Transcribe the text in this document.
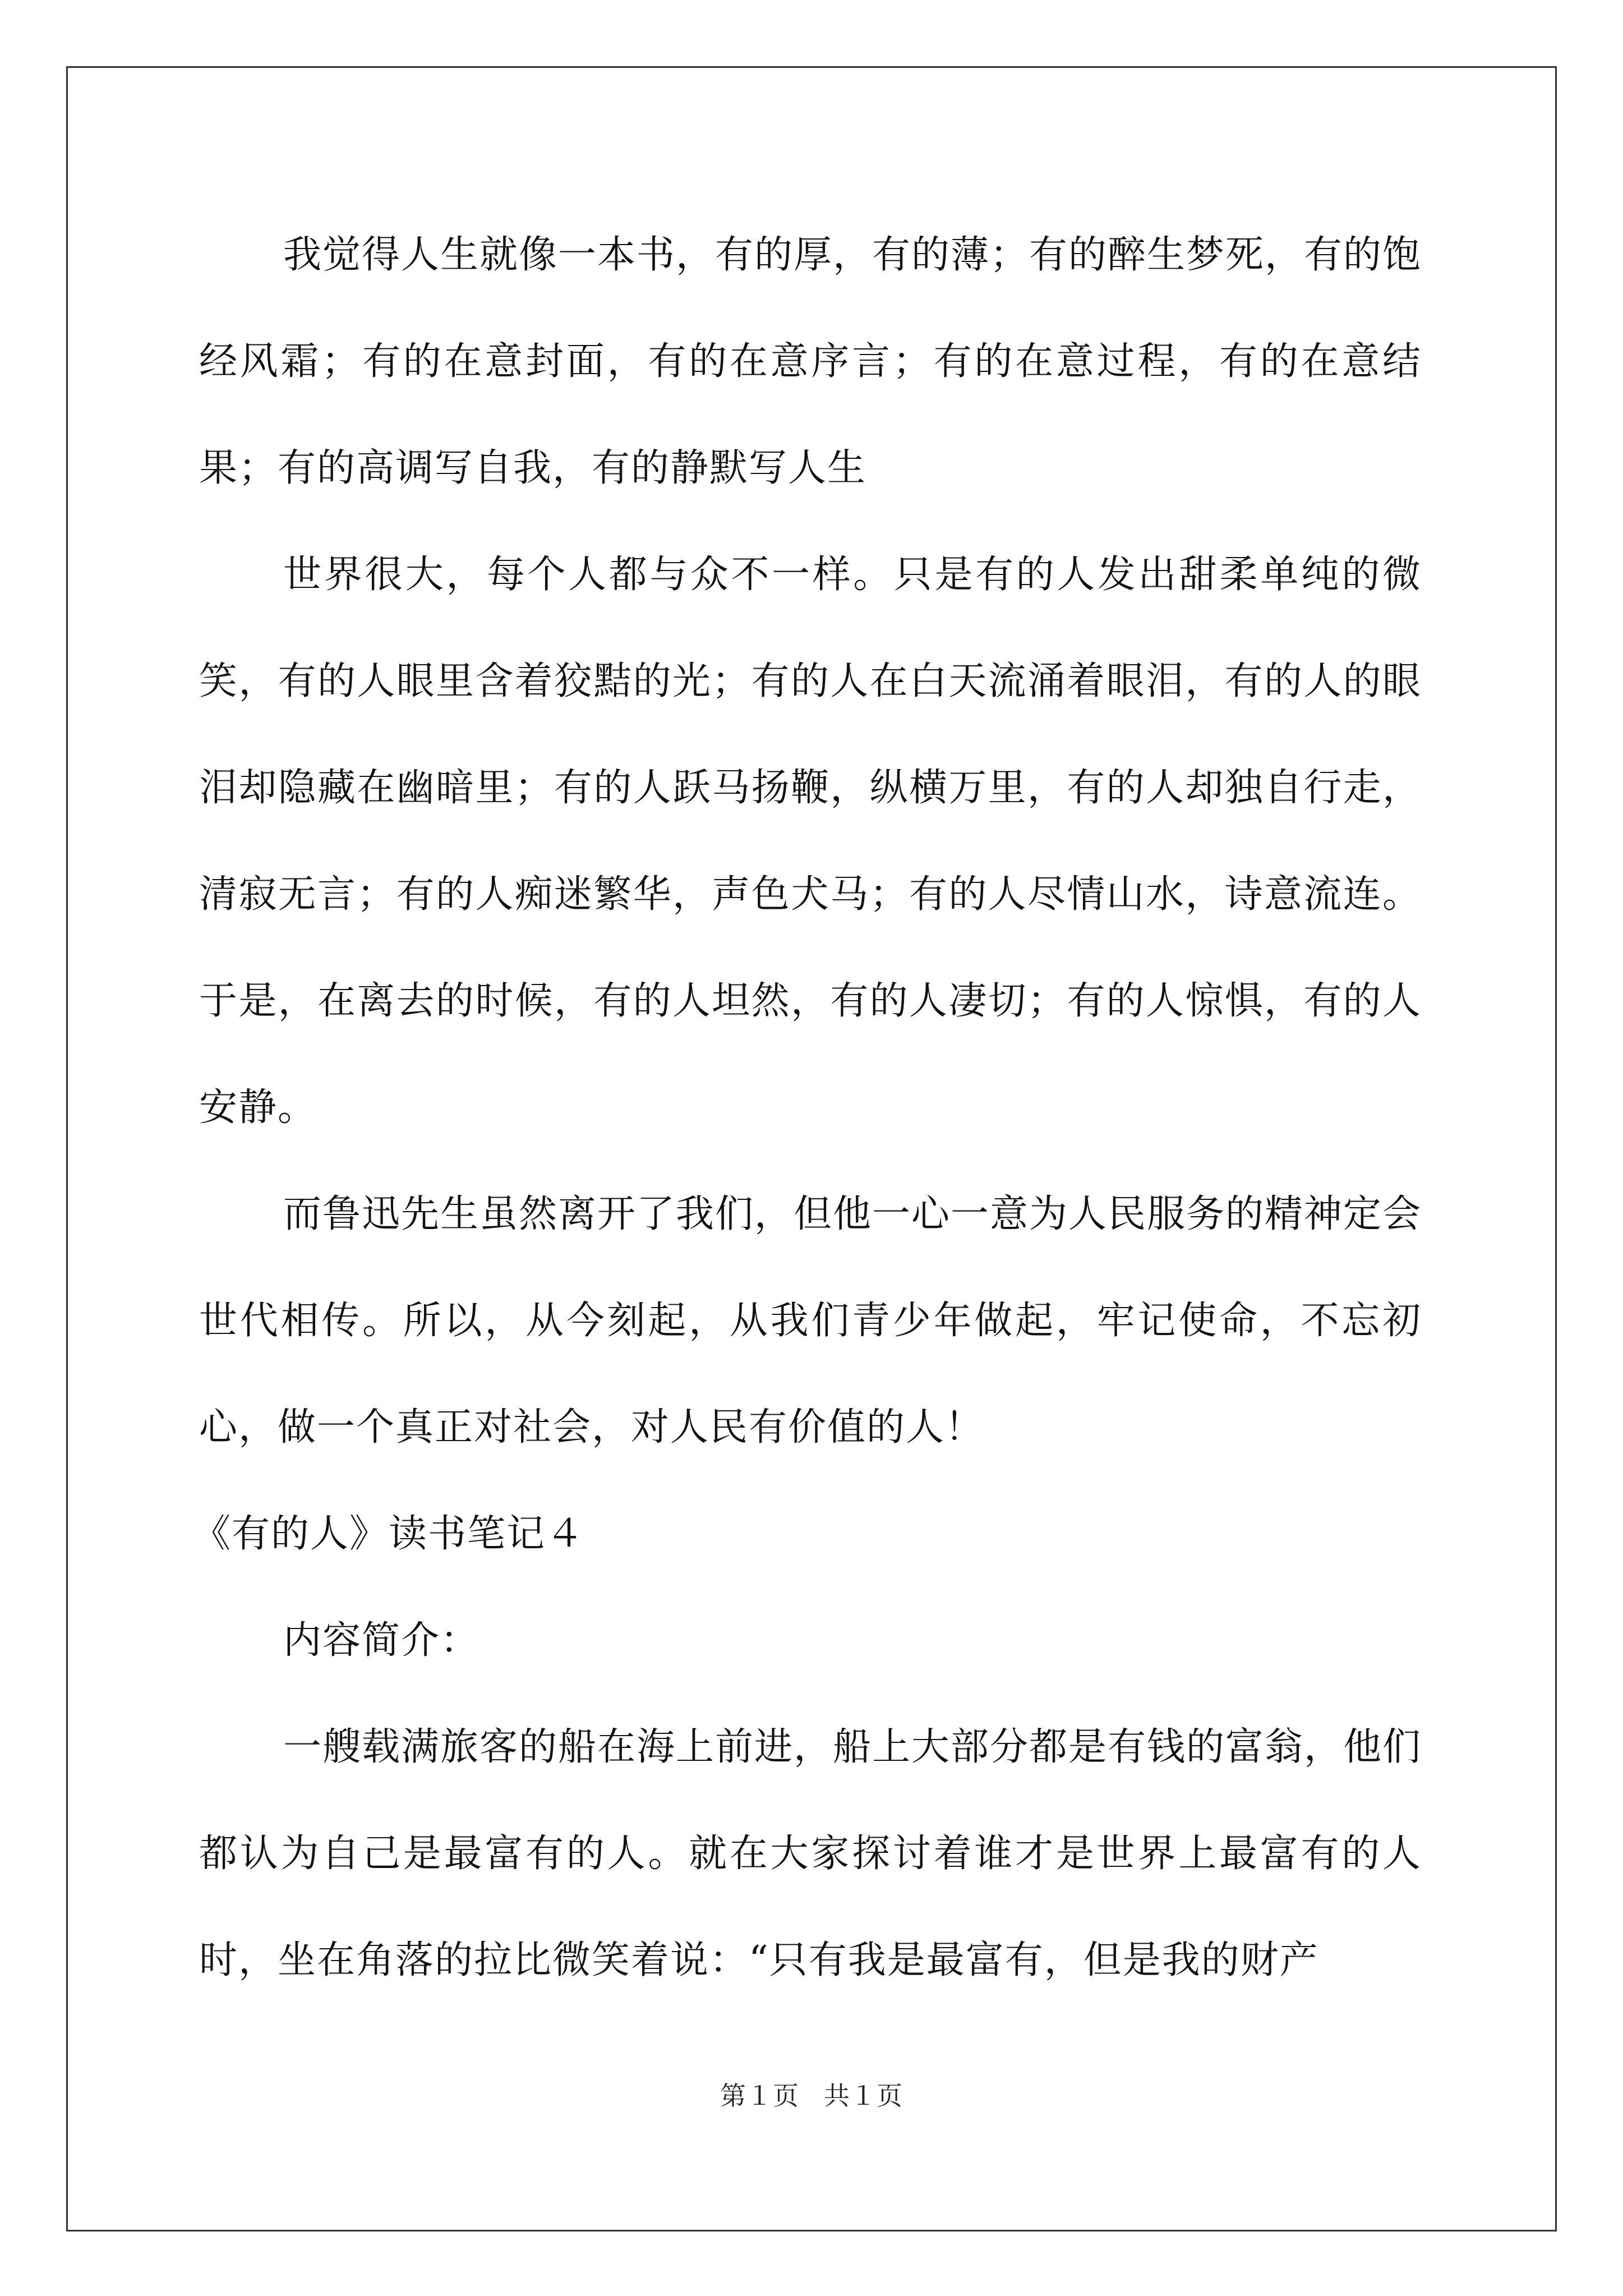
我觉得人生就像一本书，有的厚，有的薄；有的醉生梦死，有的饱经风霜；有的在意封面，有的在意序言；有的在意过程，有的在意结果；有的高调写自我，有的静默写人生

世界很大，每个人都与众不一样。只是有的人发出甜柔单纯的微笑，有的人眼里含着狡黠的光；有的人在白天流涌着眼泪，有的人的眼泪却隐藏在幽暗里；有的人跃马扬鞭，纵横万里，有的人却独自行走，清寂无言；有的人痴迷繁华，声色犬马；有的人尽情山水，诗意流连。于是，在离去的时候，有的人坦然，有的人凄切；有的人惊惧，有的人安静。

而鲁迅先生虽然离开了我们，但他一心一意为人民服务的精神定会世代相传。所以，从今刻起，从我们青少年做起，牢记使命，不忘初心，做一个真正对社会，对人民有价值的人！

《有的人》读书笔记４

内容简介：

一艘载满旅客的船在海上前进，船上大部分都是有钱的富翁，他们都认为自己是最富有的人。就在大家探讨着谁才是世界上最富有的人时，坐在角落的拉比微笑着说：“只有我是最富有，但是我的财产

第１页 共１页
